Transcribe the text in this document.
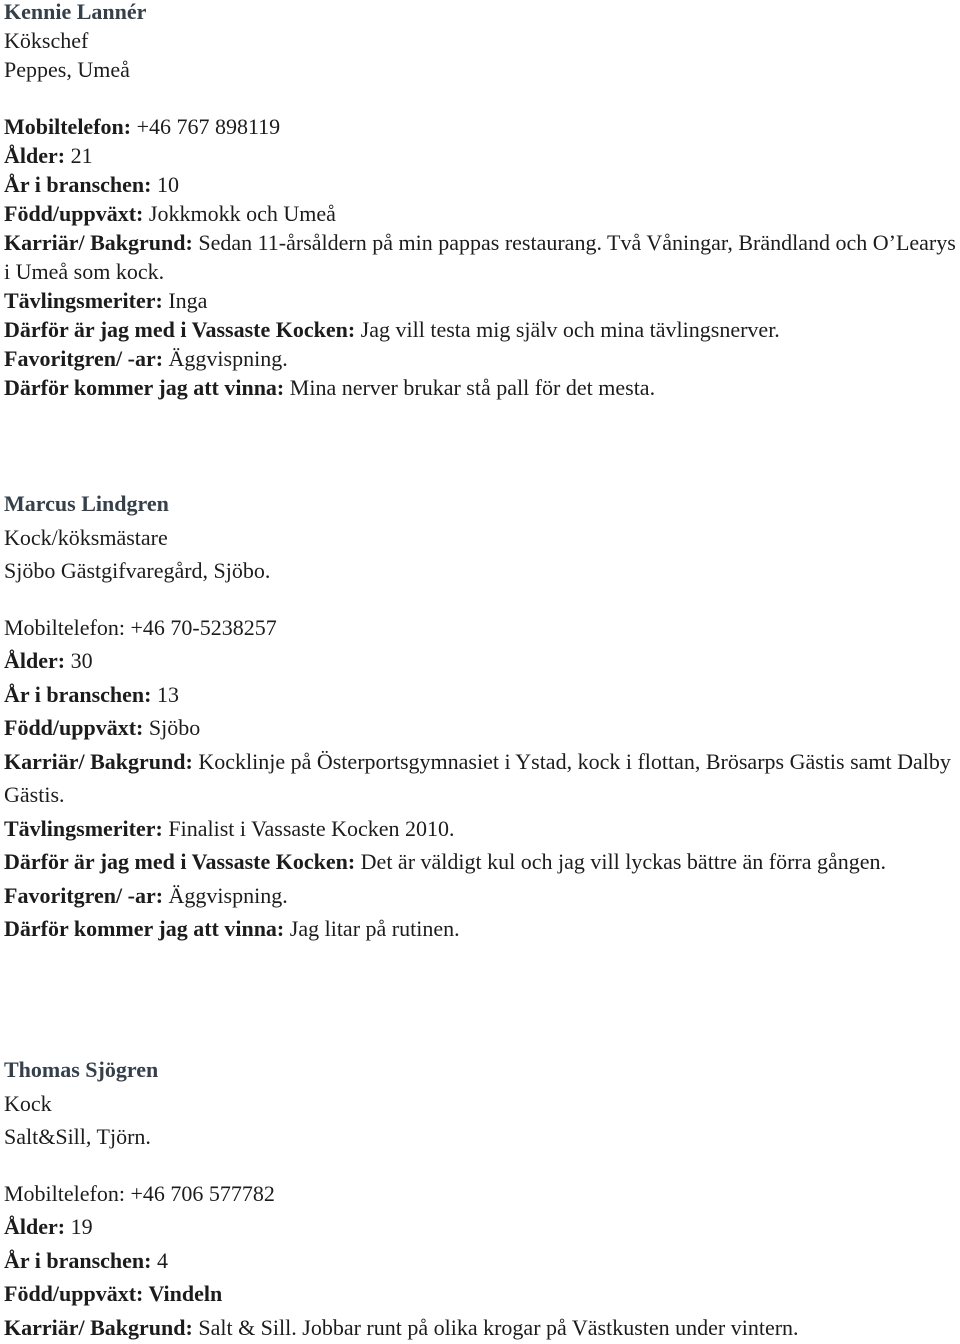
Kennie Lannér
Kökschef
Peppes, Umeå
Mobiltelefon: +46 767 898119
Ålder: 21
År i branschen: 10
Född/uppväxt: Jokkmokk och Umeå
Karriär/ Bakgrund: Sedan 11-årsåldern på min pappas restaurang. Två Våningar, Brändland och O’Learys i Umeå som kock.
Tävlingsmeriter: Inga
Därför är jag med i Vassaste Kocken: Jag vill testa mig själv och mina tävlingsnerver.
Favoritgren/ -ar: Äggvispning.
Därför kommer jag att vinna: Mina nerver brukar stå pall för det mesta.
Marcus Lindgren
Kock/köksmästare
Sjöbo Gästgifvaregård, Sjöbo.
Mobiltelefon: +46 70-5238257
Ålder: 30
År i branschen: 13
Född/uppväxt: Sjöbo
Karriär/ Bakgrund: Kocklinje på Österportsgymnasiet i Ystad, kock i flottan, Brösarps Gästis samt Dalby Gästis.
Tävlingsmeriter: Finalist i Vassaste Kocken 2010.
Därför är jag med i Vassaste Kocken: Det är väldigt kul och jag vill lyckas bättre än förra gången.
Favoritgren/ -ar: Äggvispning.
Därför kommer jag att vinna: Jag litar på rutinen.
Thomas Sjögren
Kock
Salt&Sill, Tjörn.
Mobiltelefon: +46 706 577782
Ålder: 19
År i branschen: 4
Född/uppväxt: Vindeln
Karriär/ Bakgrund: Salt & Sill. Jobbar runt på olika krogar på Västkusten under vintern.
